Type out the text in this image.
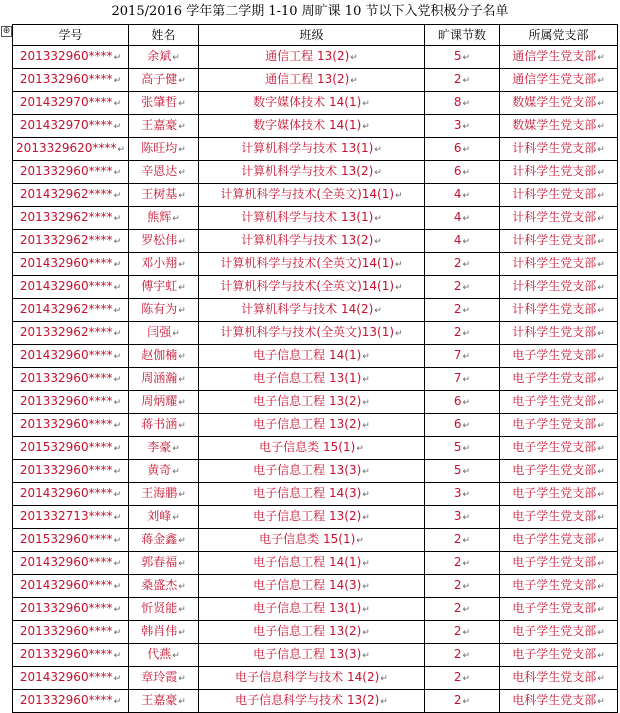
2015/2016 学年第二学期 1-10 周旷课 10 节以下入党积极分子名单
⊕	学号	姓名	班级	旷课节数	所属党支部
201332960****↵	余斌↵	通信工程 13(2)↵	5↵	通信学生党支部↵
201332960****↵	高子健↵	通信工程 13(2)↵	2↵	通信学生党支部↵
201432970****↵	张肇哲↵	数字媒体技术 14(1)↵	8↵	数媒学生党支部↵
201432970****↵	王嘉豪↵	数字媒体技术 14(1)↵	3↵	数媒学生党支部↵
2013329620****↵	陈旺均↵	计算机科学与技术 13(1)↵	6↵	计科学生党支部↵
201332960****↵	辛恩达↵	计算机科学与技术 13(2)↵	6↵	计科学生党支部↵
201432962****↵	王树基↵	计算机科学与技术(全英文)14(1)↵	4↵	计科学生党支部↵
201332962****↵	熊辉↵	计算机科学与技术 13(1)↵	4↵	计科学生党支部↵
201332962****↵	罗松伟↵	计算机科学与技术 13(2)↵	4↵	计科学生党支部↵
201432960****↵	邓小翔↵	计算机科学与技术(全英文)14(1)↵	2↵	计科学生党支部↵
201432960****↵	傅宇虹↵	计算机科学与技术(全英文)14(1)↵	2↵	计科学生党支部↵
201432962****↵	陈有为↵	计算机科学与技术 14(2)↵	2↵	计科学生党支部↵
201332962****↵	闫强↵	计算机科学与技术(全英文)13(1)↵	2↵	计科学生党支部↵
201432960****↵	赵伽楠↵	电子信息工程 14(1)↵	7↵	电子学生党支部↵
201332960****↵	周涵瀚↵	电子信息工程 13(1)↵	7↵	电子学生党支部↵
201332960****↵	周炳耀↵	电子信息工程 13(2)↵	6↵	电子学生党支部↵
201332960****↵	蒋书涵↵	电子信息工程 13(2)↵	6↵	电子学生党支部↵
201532960****↵	李豪↵	电子信息类 15(1)↵	5↵	电子学生党支部↵
201332960****↵	黄奇↵	电子信息工程 13(3)↵	5↵	电子学生党支部↵
201432960****↵	王海鹏↵	电子信息工程 14(3)↵	3↵	电子学生党支部↵
201332713****↵	刘峰↵	电子信息工程 13(2)↵	3↵	电子学生党支部↵
201532960****↵	蒋金鑫↵	电子信息类 15(1)↵	2↵	电子学生党支部↵
201432960****↵	郭春福↵	电子信息工程 14(1)↵	2↵	电子学生党支部↵
201432960****↵	桑盛杰↵	电子信息工程 14(3)↵	2↵	电子学生党支部↵
201332960****↵	忻贤能↵	电子信息工程 13(1)↵	2↵	电子学生党支部↵
201332960****↵	韩肖伟↵	电子信息工程 13(2)↵	2↵	电子学生党支部↵
201332960****↵	代燕↵	电子信息工程 13(3)↵	2↵	电子学生党支部↵
201432960****↵	章玲霞↵	电子信息科学与技术 14(2)↵	2↵	电科学生党支部↵
201332960****↵	王嘉豪↵	电子信息科学与技术 13(2)↵	2↵	电科学生党支部↵
